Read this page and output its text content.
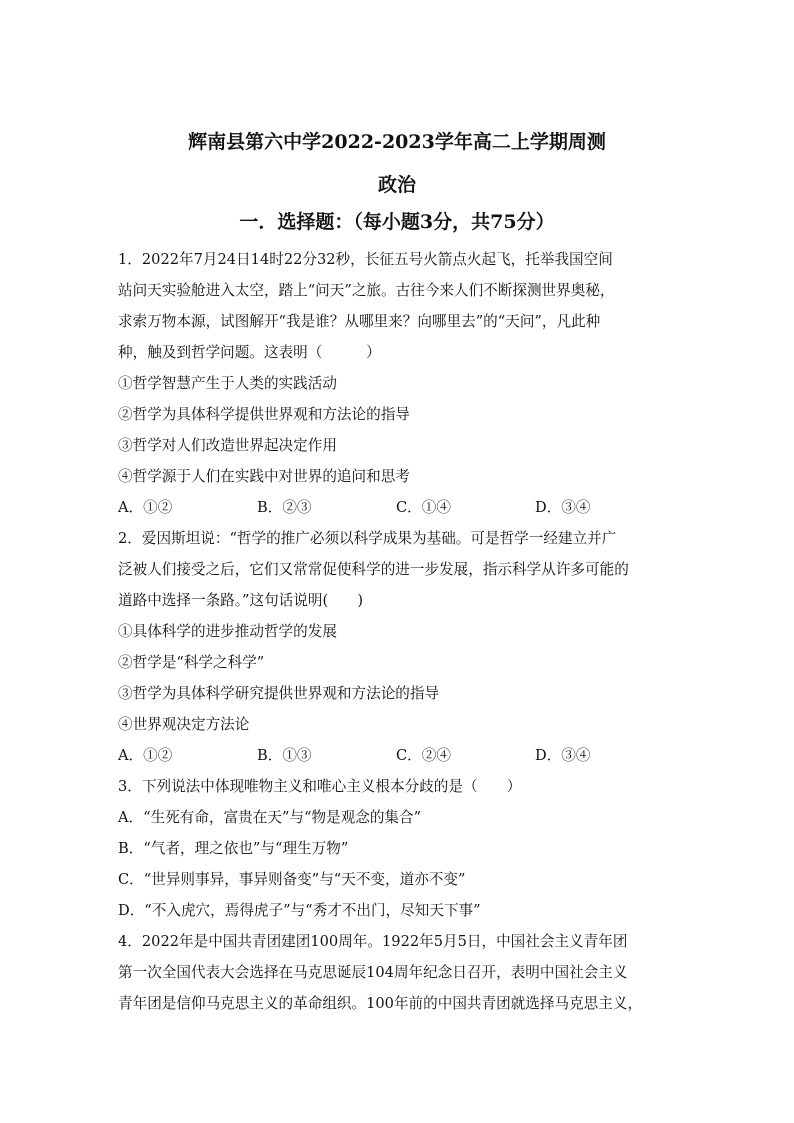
辉南县第六中学2022-2023学年高二上学期周测
政治
一．选择题：（每小题3分，共75分）
1．2022年7月24日14时22分32秒，长征五号火箭点火起飞，托举我国空间
站问天实验舱进入太空，踏上“问天”之旅。古往今来人们不断探测世界奥秘，
求索万物本源，试图解开“我是谁？从哪里来？向哪里去”的“天问”，凡此种
种，触及到哲学问题。这表明（　　　）
①哲学智慧产生于人类的实践活动
②哲学为具体科学提供世界观和方法论的指导
③哲学对人们改造世界起决定作用
④哲学源于人们在实践中对世界的追问和思考
A．①②	B．②③	C．①④	D．③④
2．爱因斯坦说：“哲学的推广必须以科学成果为基础。可是哲学一经建立并广
泛被人们接受之后，它们又常常促使科学的进一步发展，指示科学从许多可能的
道路中选择一条路。”这句话说明(　　)
①具体科学的进步推动哲学的发展
②哲学是“科学之科学”
③哲学为具体科学研究提供世界观和方法论的指导
④世界观决定方法论
A．①②	B．①③	C．②④	D．③④
3．下列说法中体现唯物主义和唯心主义根本分歧的是（　　）
A．“生死有命，富贵在天”与“物是观念的集合”
B．“气者，理之依也”与“理生万物”
C．“世异则事异，事异则备变”与“天不变，道亦不变”
D．“不入虎穴，焉得虎子”与“秀才不出门，尽知天下事”
4．2022年是中国共青团建团100周年。1922年5月5日，中国社会主义青年团
第一次全国代表大会选择在马克思诞辰104周年纪念日召开，表明中国社会主义
青年团是信仰马克思主义的革命组织。100年前的中国共青团就选择马克思主义，
